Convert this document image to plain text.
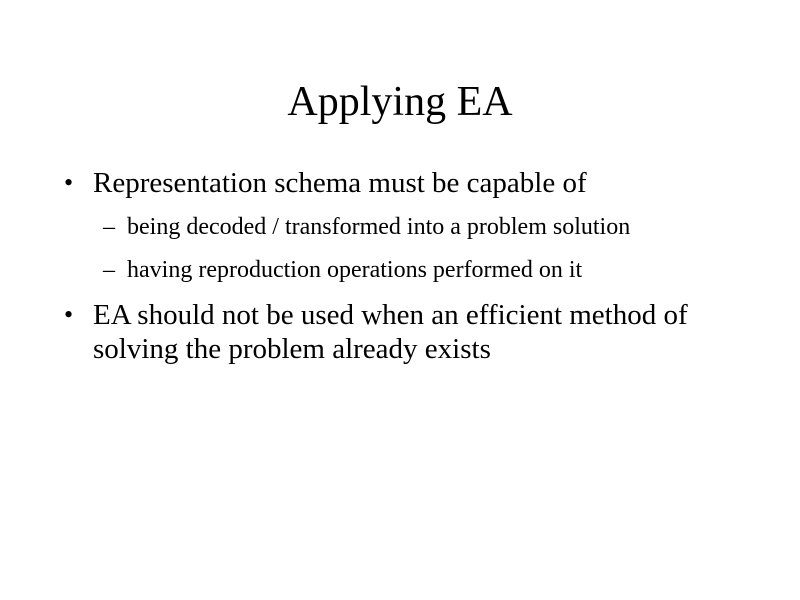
Applying EA
• Representation schema must be capable of
– being decoded / transformed into a problem solution
– having reproduction operations performed on it
• EA should not be used when an efficient method of solving the problem already exists
